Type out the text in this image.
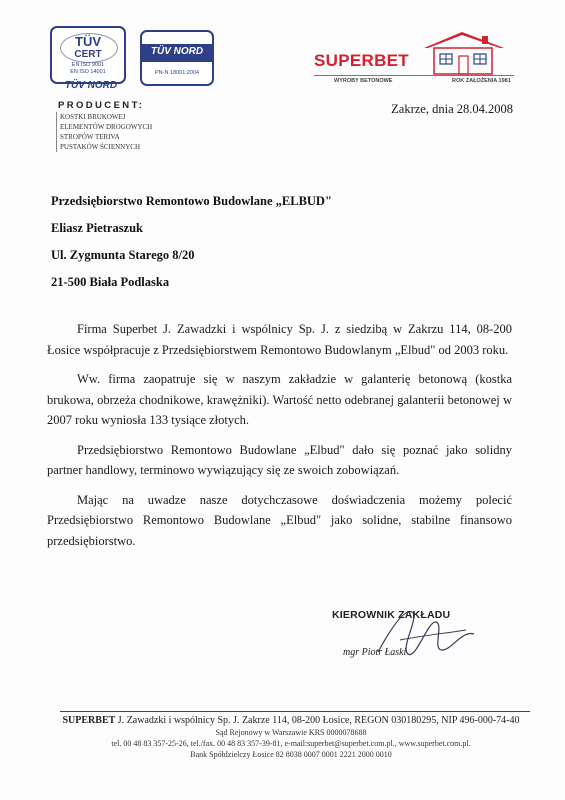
TÜV
CERT
EN ISO 9001
EN ISO 14001
TÜV NORD
TÜV NORD
PN-N 18001:2004
SUPERBET
WYROBY BETONOWE	ROK ZAŁOŻENIA 1981
PRODUCENT:
KOSTKI BRUKOWEJ
ELEMENTÓW DROGOWYCH
STROPÓW TERIVA
PUSTAKÓW ŚCIENNYCH
Zakrze, dnia 28.04.2008
Przedsiębiorstwo Remontowo Budowlane „ELBUD"
Eliasz Pietraszuk
Ul. Zygmunta Starego 8/20
21-500 Biała Podlaska

Firma Superbet J. Zawadzki i wspólnicy Sp. J. z siedzibą w Zakrzu 114, 08-200 Łosice współpracuje z Przedsiębiorstwem Remontowo Budowlanym „Elbud" od 2003 roku.

Ww. firma zaopatruje się w naszym zakładzie w galanterię betonową (kostka brukowa, obrzeża chodnikowe, krawężniki). Wartość netto odebranej galanterii betonowej w 2007 roku wyniosła 133 tysiące złotych.

Przedsiębiorstwo Remontowo Budowlane „Elbud" dało się poznać jako solidny partner handlowy, terminowo wywiązujący się ze swoich zobowiązań.

Mając na uwadze nasze dotychczasowe doświadczenia możemy polecić Przedsiębiorstwo Remontowo Budowlane „Elbud" jako solidne, stabilne finansowo przedsiębiorstwo.

KIEROWNIK ZAKŁADU
mgr Piotr Łaski
SUPERBET J. Zawadzki i wspólnicy Sp. J. Zakrze 114, 08-200 Łosice, REGON 030180295, NIP 496-000-74-40
Sąd Rejonowy w Warszawie KRS 0000078688
tel. 00 48 83 357-25-26, tel./fax. 00 48 83 357-39-81, e-mail:superbet@superbet.com.pl., www.superbet.com.pl.
Bank Spółdzielczy Łosice 82 8038 0007 0001 2221 2000 0010
